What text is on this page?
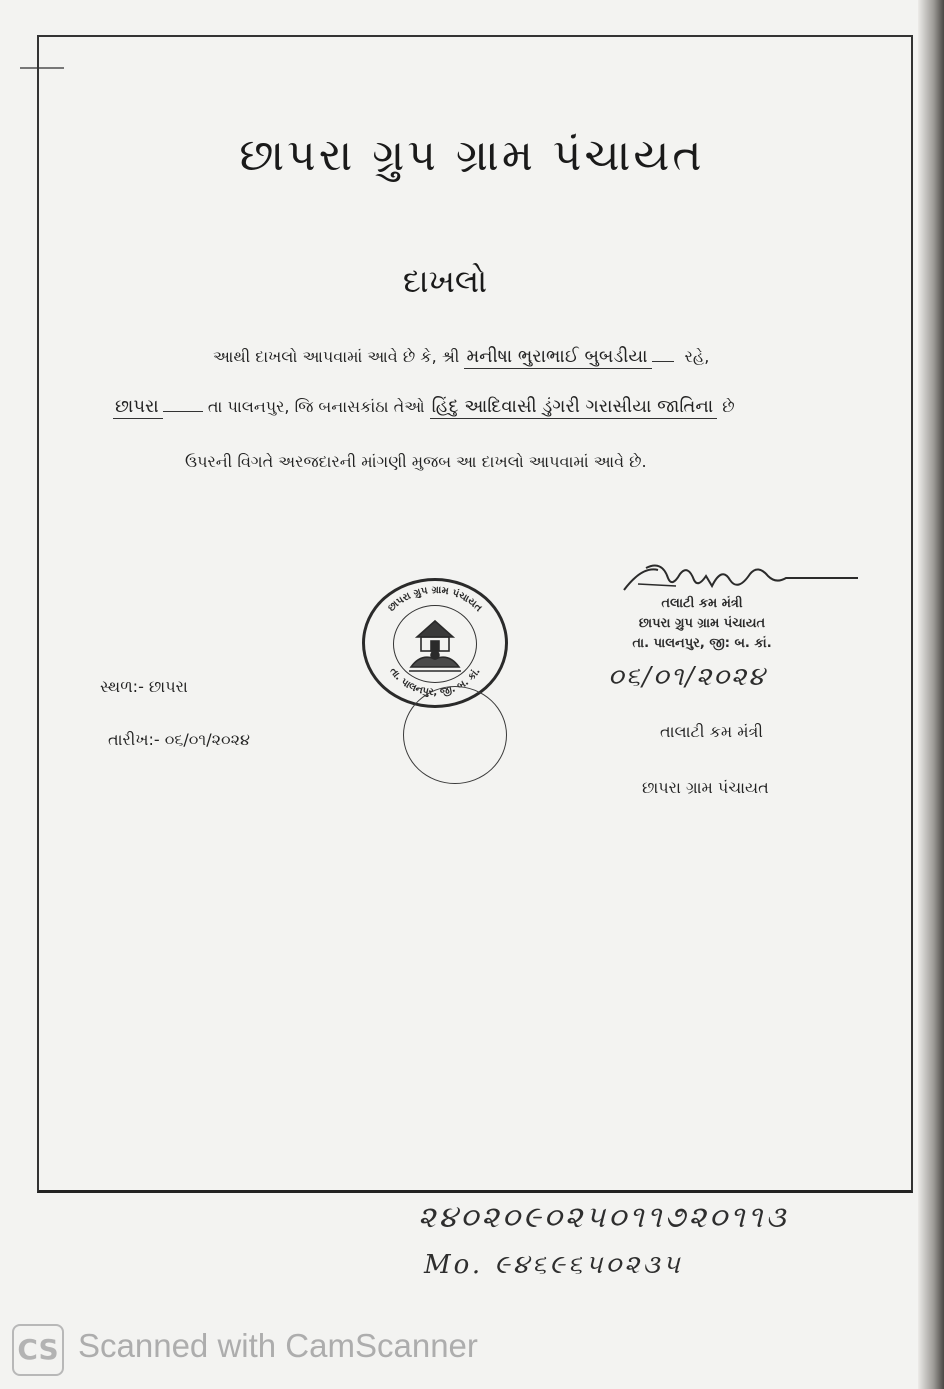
છાપરા ગ્રુપ ગ્રામ પંચાયત
દાખલો
આથી દાખલો આપવામાં આવે છે કે, શ્રી મનીષા ભુરાભાઈ બુબડીયા રહે,
છાપરા	તા પાલનપુર, જિ બનાસકાંઠા તેઓ હિંદુ આદિવાસી ડુંગરી ગરાસીયા જાતિના છે
ઉપરની વિગતે અરજદારની માંગણી મુજબ આ દાખલો આપવામાં આવે છે.
છાપરા ગ્રુપ ગ્રામ પંચાયત
તા. પાલનપુર, જી. બ. કાં.
તલાટી કમ મંત્રી
છાપરા ગ્રુપ ગ્રામ પંચાયત
તા. પાલનપુર, જી: બ. કાં.
૦૬/૦૧/૨૦૨૪
સ્થળ:- છાપરા
તારીખ:- ૦૬/૦૧/૨૦૨૪	તાલાટી કમ મંત્રી
છાપરા ગ્રામ પંચાયત
૨૪૦૨૦૯૦૨૫૦૧૧૭૨૦૧૧૩
Mo. ૯૪૬૯૬૫૦૨૩૫
CS Scanned with CamScanner
